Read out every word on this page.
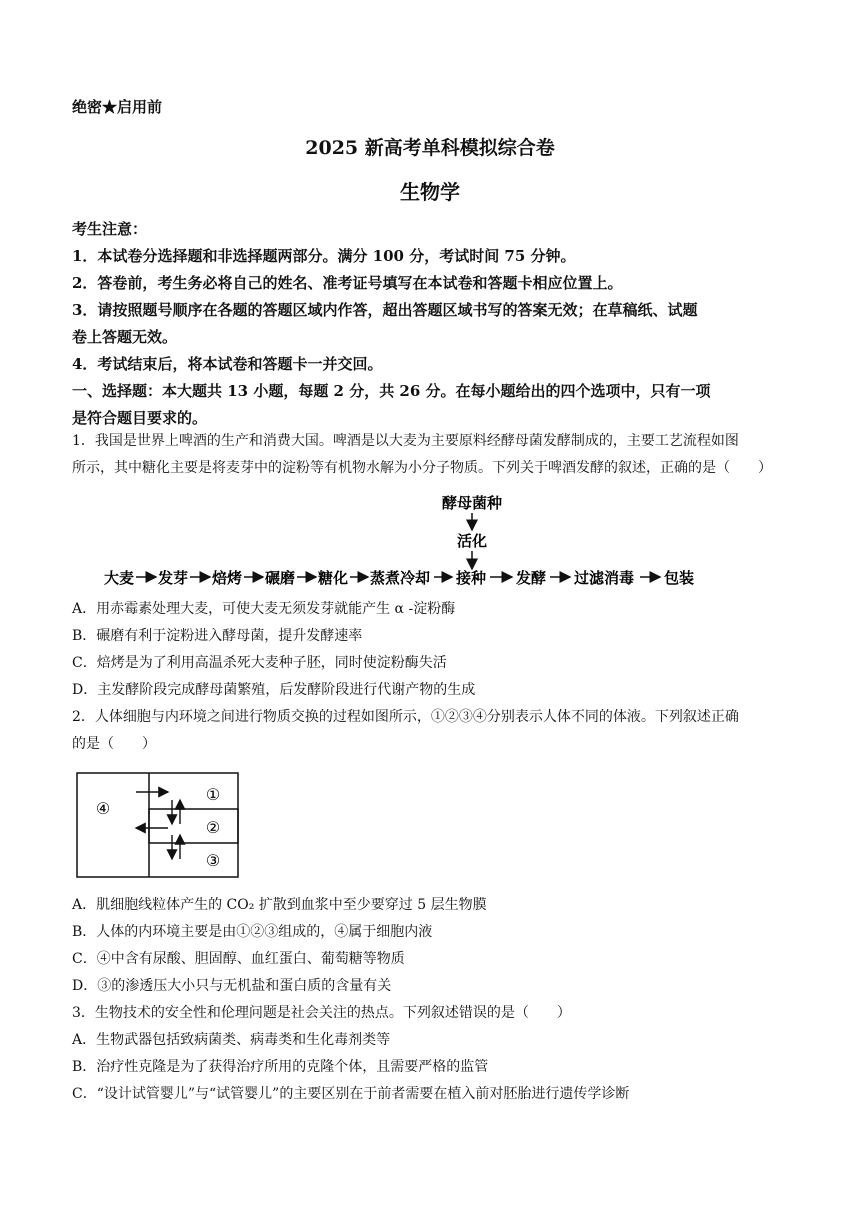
绝密★启用前
2025 新高考单科模拟综合卷
生物学

考生注意：

1．本试卷分选择题和非选择题两部分。满分 100 分，考试时间 75 分钟。

2．答卷前，考生务必将自己的姓名、准考证号填写在本试卷和答题卡相应位置上。

3．请按照题号顺序在各题的答题区域内作答，超出答题区域书写的答案无效；在草稿纸、试题

卷上答题无效。

4．考试结束后，将本试卷和答题卡一并交回。

一、选择题：本大题共 13 小题，每题 2 分，共 26 分。在每小题给出的四个选项中，只有一项

是符合题目要求的。

1．我国是世界上啤酒的生产和消费大国。啤酒是以大麦为主要原料经酵母菌发酵制成的，主要工艺流程如图

所示，其中糖化主要是将麦芽中的淀粉等有机物水解为小分子物质。下列关于啤酒发酵的叙述，正确的是（　　）

酵母菌种
活化
大麦 发芽 焙烤 碾磨 糖化 蒸煮冷却 接种 发酵 过滤消毒 包装

A．用赤霉素处理大麦，可使大麦无须发芽就能产生 α -淀粉酶

B．碾磨有利于淀粉进入酵母菌，提升发酵速率

C．焙烤是为了利用高温杀死大麦种子胚，同时使淀粉酶失活

D．主发酵阶段完成酵母菌繁殖，后发酵阶段进行代谢产物的生成

2．人体细胞与内环境之间进行物质交换的过程如图所示，①②③④分别表示人体不同的体液。下列叙述正确

的是（　　）

④
①
②
③

A．肌细胞线粒体产生的 CO₂ 扩散到血浆中至少要穿过 5 层生物膜

B．人体的内环境主要是由①②③组成的，④属于细胞内液

C．④中含有尿酸、胆固醇、血红蛋白、葡萄糖等物质

D．③的渗透压大小只与无机盐和蛋白质的含量有关

3．生物技术的安全性和伦理问题是社会关注的热点。下列叙述错误的是（　　）

A．生物武器包括致病菌类、病毒类和生化毒剂类等

B．治疗性克隆是为了获得治疗所用的克隆个体，且需要严格的监管

C．“设计试管婴儿”与“试管婴儿”的主要区别在于前者需要在植入前对胚胎进行遗传学诊断
